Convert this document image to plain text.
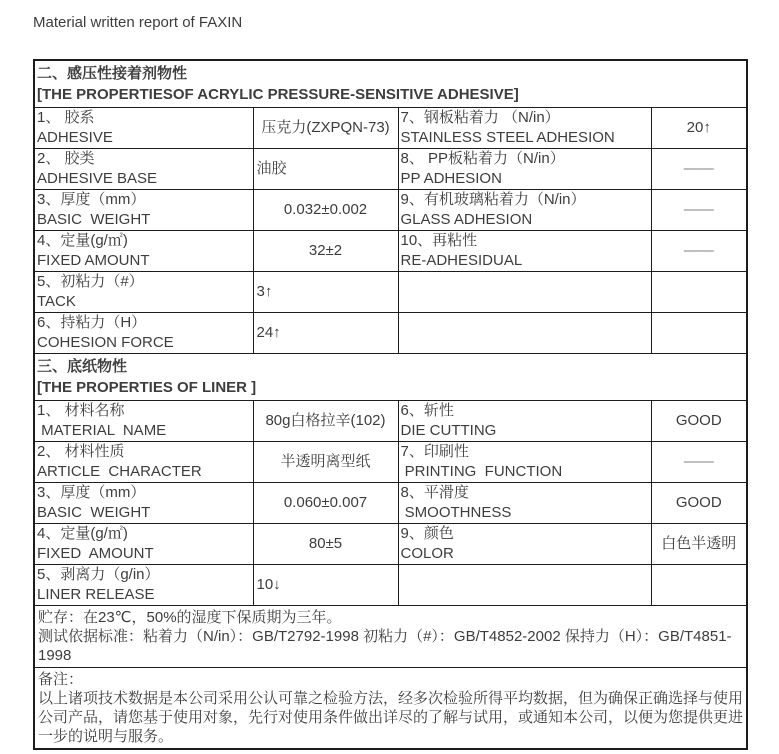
Material written report of FAXIN
二、感压性接着剂物性
[THE PROPERTIESOF ACRYLIC PRESSURE-SENSITIVE ADHESIVE]			

1、 胶系
ADHESIVE
	压克力(ZXPQN-73)	
7、钢板粘着力 （N/in）
STAINLESS STEEL ADHESION
	20↑

2、 胶类
ADHESIVE BASE
	油胶	
8、 PP板粘着力（N/in）
PP ADHESION
	——

3、厚度（mm）
BASIC  WEIGHT
	0.032±0.002	
9、有机玻璃粘着力（N/in）
GLASS ADHESION
	——

4、定量(g/㎡)
FIXED AMOUNT
	32±2	
10、再粘性
RE-ADHESIDUAL
	——

5、初粘力（#）
TACK	3↑	

6、持粘力（H）
COHESION FORCE	24↑	

三、底纸物性
[THE PROPERTIES OF LINER ]			

1、 材料名称
MATERIAL  NAME
	80g白格拉辛(102)	
6、斩性
DIE CUTTING
	GOOD

2、 材料性质
ARTICLE  CHARACTER
	半透明离型纸	
7、印刷性
PRINTING  FUNCTION
	——

3、厚度（mm）
BASIC  WEIGHT
	0.060±0.007	
8、平滑度
SMOOTHNESS
	GOOD

4、定量(g/㎡)
FIXED  AMOUNT
	80±5	
9、颜色
COLOR
	白色半透明

5、剥离力（g/in）
LINER RELEASE	10↓	

贮存：在23℃，50%的湿度下保质期为三年。
测试依据标准：粘着力（N/in）：GB/T2792-1998 初粘力（#）：GB/T4852-2002 保持力（H）：GB/T4851-1998			

备注：
以上诸项技术数据是本公司采用公认可靠之检验方法，经多次检验所得平均数据，但为确保正确选择与使用公司产品，请您基于使用对象，先行对使用条件做出详尽的了解与试用，或通知本公司，以便为您提供更进一步的说明与服务。			
